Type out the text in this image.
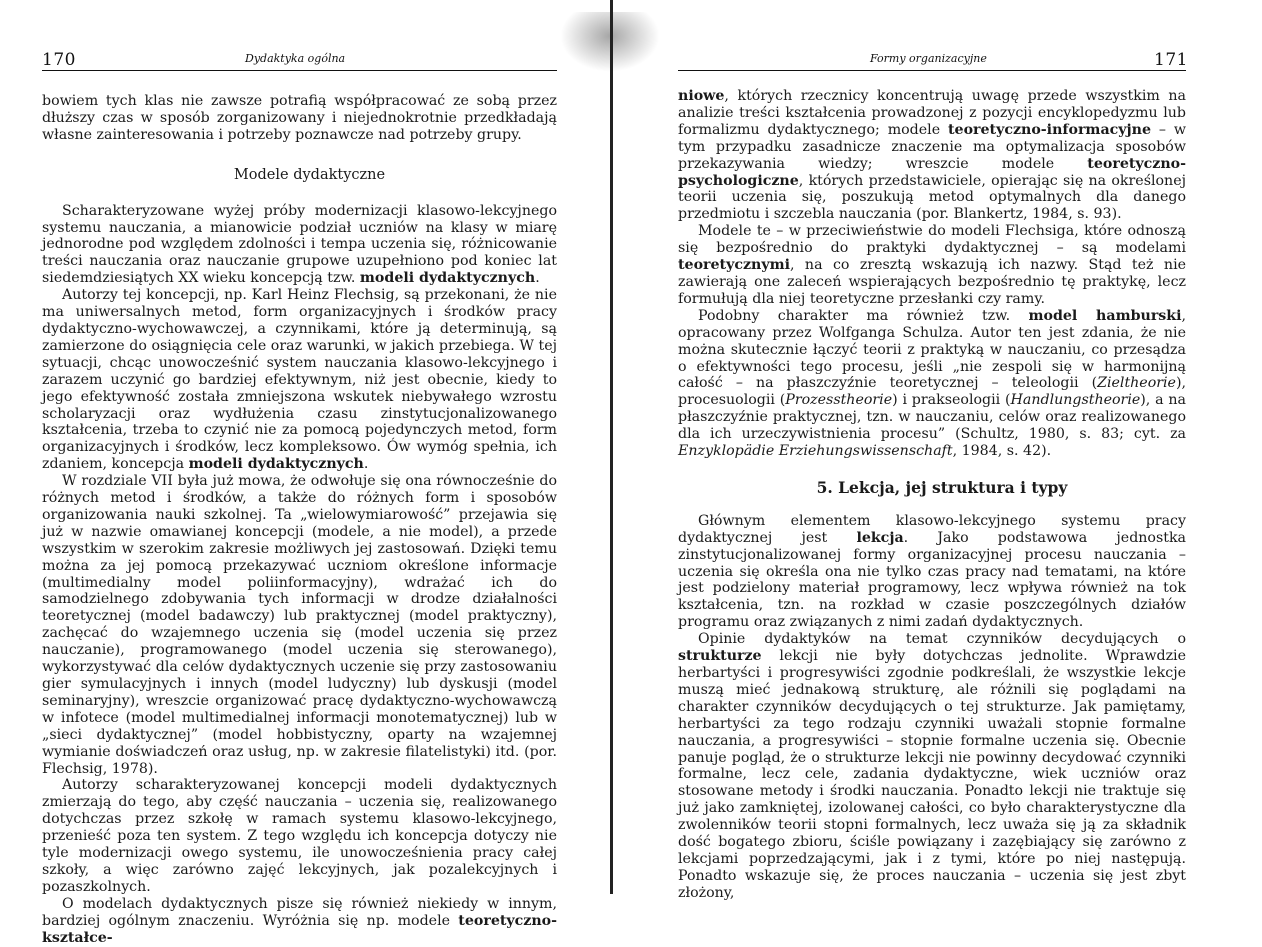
170	Dydaktyka ogólna

bowiem tych klas nie zawsze potrafią współpracować ze sobą przez dłuższy czas w sposób zorganizowany i niejednokrotnie przedkładają własne zainteresowania i potrzeby poznawcze nad potrzeby grupy.

Modele dydaktyczne

Scharakteryzowane wyżej próby modernizacji klasowo-lekcyjnego systemu nauczania, a mianowicie podział uczniów na klasy w miarę jednorodne pod względem zdolności i tempa uczenia się, różnicowanie treści nauczania oraz nauczanie grupowe uzupełniono pod koniec lat siedemdziesiątych XX wieku koncepcją tzw. modeli dydaktycznych.

Autorzy tej koncepcji, np. Karl Heinz Flechsig, są przekonani, że nie ma uniwersalnych metod, form organizacyjnych i środków pracy dydaktyczno-wychowawczej, a czynnikami, które ją determinują, są zamierzone do osiągnięcia cele oraz warunki, w jakich przebiega. W tej sytuacji, chcąc unowocześnić system nauczania klasowo-lekcyjnego i zarazem uczynić go bardziej efektywnym, niż jest obecnie, kiedy to jego efektywność została zmniejszona wskutek niebywałego wzrostu scholaryzacji oraz wydłużenia czasu zinstytucjonalizowanego kształcenia, trzeba to czynić nie za pomocą pojedynczych metod, form organizacyjnych i środków, lecz kompleksowo. Ów wymóg spełnia, ich zdaniem, koncepcja modeli dydaktycznych.

W rozdziale VII była już mowa, że odwołuje się ona równocześnie do różnych metod i środków, a także do różnych form i sposobów organizowania nauki szkolnej. Ta „wielowymiarowość” przejawia się już w nazwie omawianej koncepcji (modele, a nie model), a przede wszystkim w szerokim zakresie możliwych jej zastosowań. Dzięki temu można za jej pomocą przekazywać uczniom określone informacje (multimedialny model poliinformacyjny), wdrażać ich do samodzielnego zdobywania tych informacji w drodze działalności teoretycznej (model badawczy) lub praktycznej (model praktyczny), zachęcać do wzajemnego uczenia się (model uczenia się przez nauczanie), programowanego (model uczenia się sterowanego), wykorzystywać dla celów dydaktycznych uczenie się przy zastosowaniu gier symulacyjnych i innych (model ludyczny) lub dyskusji (model seminaryjny), wreszcie organizować pracę dydaktyczno-wychowawczą w infotece (model multimedialnej informacji monotematycznej) lub w „sieci dydaktycznej” (model hobbistyczny, oparty na wzajemnej wymianie doświadczeń oraz usług, np. w zakresie filatelistyki) itd. (por. Flechsig, 1978).

Autorzy scharakteryzowanej koncepcji modeli dydaktycznych zmierzają do tego, aby część nauczania – uczenia się, realizowanego dotychczas przez szkołę w ramach systemu klasowo-lekcyjnego, przenieść poza ten system. Z tego względu ich koncepcja dotyczy nie tyle modernizacji owego systemu, ile unowocześnienia pracy całej szkoły, a więc zarówno zajęć lekcyjnych, jak pozalekcyjnych i pozaszkolnych.

O modelach dydaktycznych pisze się również niekiedy w innym, bardziej ogólnym znaczeniu. Wyróżnia się np. modele teoretyczno-kształce-

Formy organizacyjne	171

niowe, których rzecznicy koncentrują uwagę przede wszystkim na analizie treści kształcenia prowadzonej z pozycji encyklopedyzmu lub formalizmu dydaktycznego; modele teoretyczno-informacyjne – w tym przypadku zasadnicze znaczenie ma optymalizacja sposobów przekazywania wiedzy; wreszcie modele teoretyczno-psychologiczne, których przedstawiciele, opierając się na określonej teorii uczenia się, poszukują metod optymalnych dla danego przedmiotu i szczebla nauczania (por. Blankertz, 1984, s. 93).

Modele te – w przeciwieństwie do modeli Flechsiga, które odnoszą się bezpośrednio do praktyki dydaktycznej – są modelami teoretycznymi, na co zresztą wskazują ich nazwy. Stąd też nie zawierają one zaleceń wspierających bezpośrednio tę praktykę, lecz formułują dla niej teoretyczne przesłanki czy ramy.

Podobny charakter ma również tzw. model hamburski, opracowany przez Wolfganga Schulza. Autor ten jest zdania, że nie można skutecznie łączyć teorii z praktyką w nauczaniu, co przesądza o efektywności tego procesu, jeśli „nie zespoli się w harmonijną całość – na płaszczyźnie teoretycznej – teleologii (Zieltheorie), procesuologii (Prozesstheorie) i prakseologii (Handlungstheorie), a na płaszczyźnie praktycznej, tzn. w nauczaniu, celów oraz realizowanego dla ich urzeczywistnienia procesu” (Schultz, 1980, s. 83; cyt. za Enzyklopädie Erziehungswissenschaft, 1984, s. 42).

5. Lekcja, jej struktura i typy

Głównym elementem klasowo-lekcyjnego systemu pracy dydaktycznej jest lekcja. Jako podstawowa jednostka zinstytucjonalizowanej formy organizacyjnej procesu nauczania – uczenia się określa ona nie tylko czas pracy nad tematami, na które jest podzielony materiał programowy, lecz wpływa również na tok kształcenia, tzn. na rozkład w czasie poszczególnych działów programu oraz związanych z nimi zadań dydaktycznych.

Opinie dydaktyków na temat czynników decydujących o strukturze lekcji nie były dotychczas jednolite. Wprawdzie herbartyści i progresywiści zgodnie podkreślali, że wszystkie lekcje muszą mieć jednakową strukturę, ale różnili się poglądami na charakter czynników decydujących o tej strukturze. Jak pamiętamy, herbartyści za tego rodzaju czynniki uważali stopnie formalne nauczania, a progresywiści – stopnie formalne uczenia się. Obecnie panuje pogląd, że o strukturze lekcji nie powinny decydować czynniki formalne, lecz cele, zadania dydaktyczne, wiek uczniów oraz stosowane metody i środki nauczania. Ponadto lekcji nie traktuje się już jako zamkniętej, izolowanej całości, co było charakterystyczne dla zwolenników teorii stopni formalnych, lecz uważa się ją za składnik dość bogatego zbioru, ściśle powiązany i zazębiający się zarówno z lekcjami poprzedzającymi, jak i z tymi, które po niej następują. Ponadto wskazuje się, że proces nauczania – uczenia się jest zbyt złożony,
